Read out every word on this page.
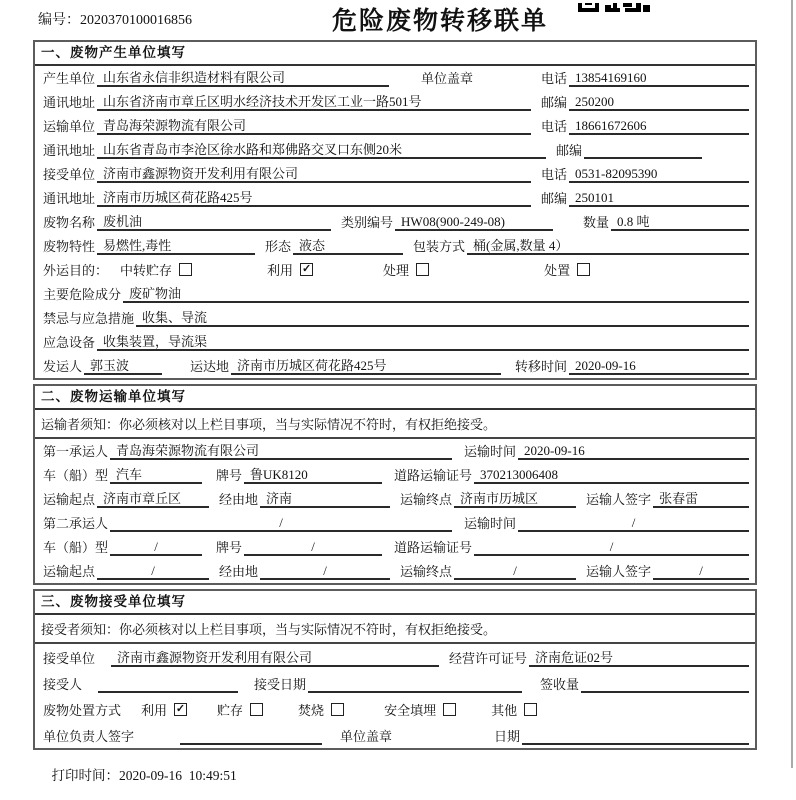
编号：2020370100016856	危险废物转移联单
一、废物产生单位填写
产生单位 山东省永信非织造材料有限公司	单位盖章	电话 13854169160
通讯地址 山东省济南市章丘区明水经济技术开发区工业一路501号	邮编 250200
运输单位 青岛海荣源物流有限公司	电话 18661672606
通讯地址 山东省青岛市李沧区徐水路和郑佛路交叉口东侧20米	邮编
接受单位 济南市鑫源物资开发利用有限公司	电话 0531-82095390
通讯地址 济南市历城区荷花路425号	邮编 250101
废物名称 废机油	类别编号 HW08(900-249-08)	数量 0.8 吨
废物特性 易燃性,毒性	形态 液态	包装方式 桶(金属,数量 4）
外运目的： 中转贮存	利用 ✓	处理	处置
主要危险成分 废矿物油
禁忌与应急措施 收集、导流
应急设备 收集装置，导流渠
发运人 郭玉波	运达地 济南市历城区荷花路425号	转移时间 2020-09-16
二、废物运输单位填写
运输者须知：你必须核对以上栏目事项，当与实际情况不符时，有权拒绝接受。
第一承运人 青岛海荣源物流有限公司	运输时间 2020-09-16
车（船）型 汽车	牌号 鲁UK8120	道路运输证号 370213006408
运输起点 济南市章丘区	经由地 济南	运输终点 济南市历城区	运输人签字 张春雷
第二承运人	/	运输时间	/
车（船）型	/	牌号	/	道路运输证号	/
运输起点	/	经由地	/	运输终点	/	运输人签字	/
三、废物接受单位填写
接受者须知：你必须核对以上栏目事项，当与实际情况不符时，有权拒绝接受。
接受单位	济南市鑫源物资开发利用有限公司	经营许可证号 济南危证02号
接受人	接受日期	签收量
废物处置方式 利用 ✓ 贮存	焚烧	安全填埋	其他
单位负责人签字	单位盖章	日期

打印时间：2020-09-16  10:49:51
